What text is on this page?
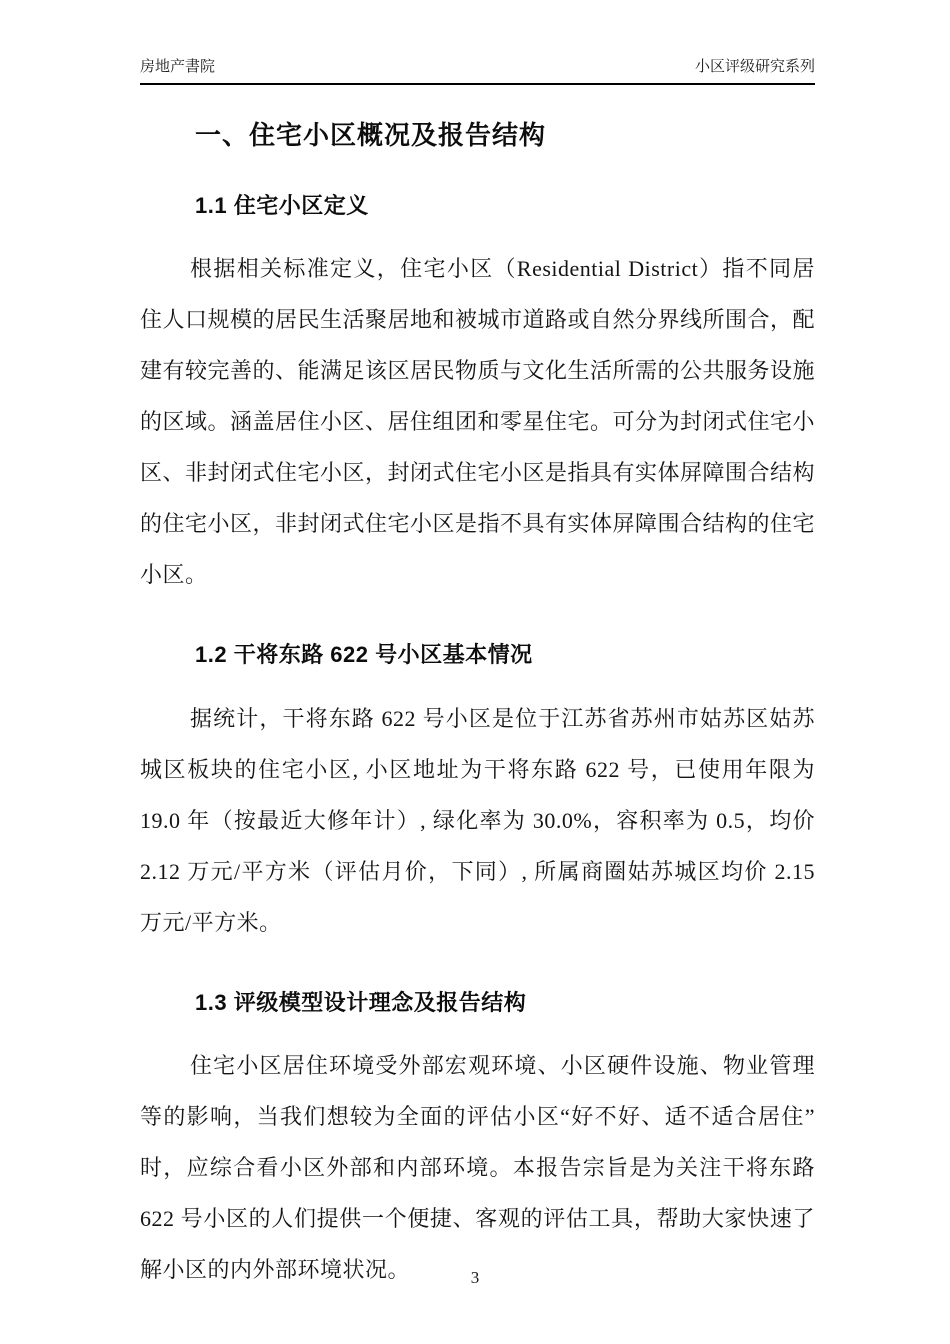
房地产書院	小区评级研究系列
一、住宅小区概况及报告结构
1.1 住宅小区定义

根据相关标准定义，住宅小区（Residential District）指不同居住人口规模的居民生活聚居地和被城市道路或自然分界线所围合，配建有较完善的、能满足该区居民物质与文化生活所需的公共服务设施的区域。涵盖居住小区、居住组团和零星住宅。可分为封闭式住宅小区、非封闭式住宅小区，封闭式住宅小区是指具有实体屏障围合结构的住宅小区，非封闭式住宅小区是指不具有实体屏障围合结构的住宅小区。

1.2 干将东路 622 号小区基本情况

据统计，干将东路 622 号小区是位于江苏省苏州市姑苏区姑苏城区板块的住宅小区, 小区地址为干将东路 622 号，已使用年限为 19.0 年（按最近大修年计）, 绿化率为 30.0%，容积率为 0.5，均价 2.12 万元/平方米（评估月价，下同）, 所属商圈姑苏城区均价 2.15 万元/平方米。

1.3 评级模型设计理念及报告结构

住宅小区居住环境受外部宏观环境、小区硬件设施、物业管理等的影响，当我们想较为全面的评估小区“好不好、适不适合居住”时，应综合看小区外部和内部环境。本报告宗旨是为关注干将东路 622 号小区的人们提供一个便捷、客观的评估工具，帮助大家快速了解小区的内外部环境状况。	3
